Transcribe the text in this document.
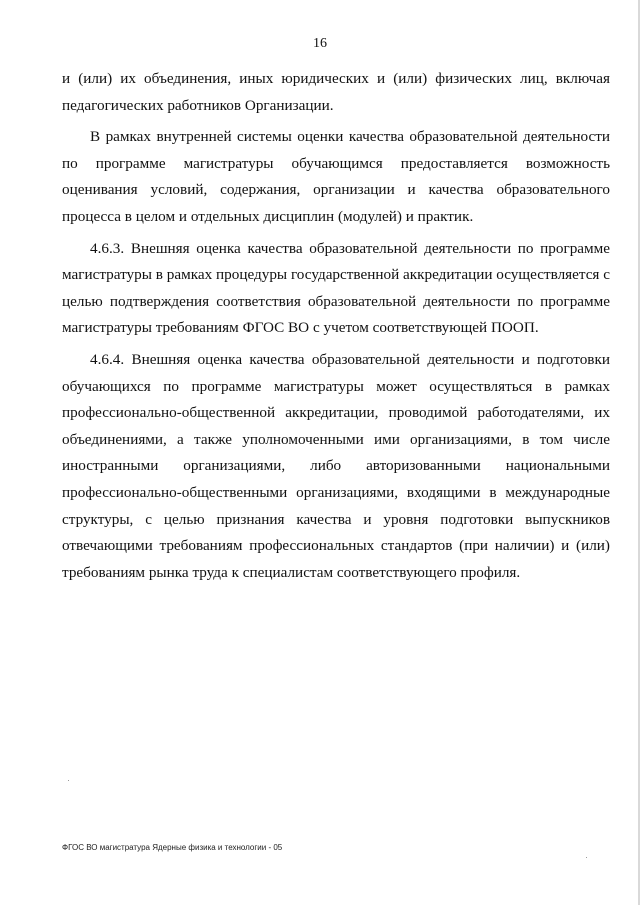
16

и (или) их объединения, иных юридических и (или) физических лиц, включая
педагогических работников Организации.

В рамках внутренней системы оценки качества образовательной деятельности
по программе магистратуры обучающимся предоставляется возможность
оценивания условий, содержания, организации и качества образовательного
процесса в целом и отдельных дисциплин (модулей) и практик.

4.6.3. Внешняя оценка качества образовательной деятельности по программе
магистратуры в рамках процедуры государственной аккредитации осуществляется с
целью подтверждения соответствия образовательной деятельности по программе
магистратуры требованиям ФГОС ВО с учетом соответствующей ПООП.

4.6.4. Внешняя оценка качества образовательной деятельности и подготовки
обучающихся по программе магистратуры может осуществляться в рамках
профессионально-общественной аккредитации, проводимой работодателями, их
объединениями, а также уполномоченными ими организациями, в том числе
иностранными организациями, либо авторизованными национальными
профессионально-общественными организациями, входящими в международные
структуры, с целью признания качества и уровня подготовки выпускников
отвечающими требованиям профессиональных стандартов (при наличии) и (или)
требованиям рынка труда к специалистам соответствующего профиля.

ФГОС ВО магистратура Ядерные физика и технологии - 05
